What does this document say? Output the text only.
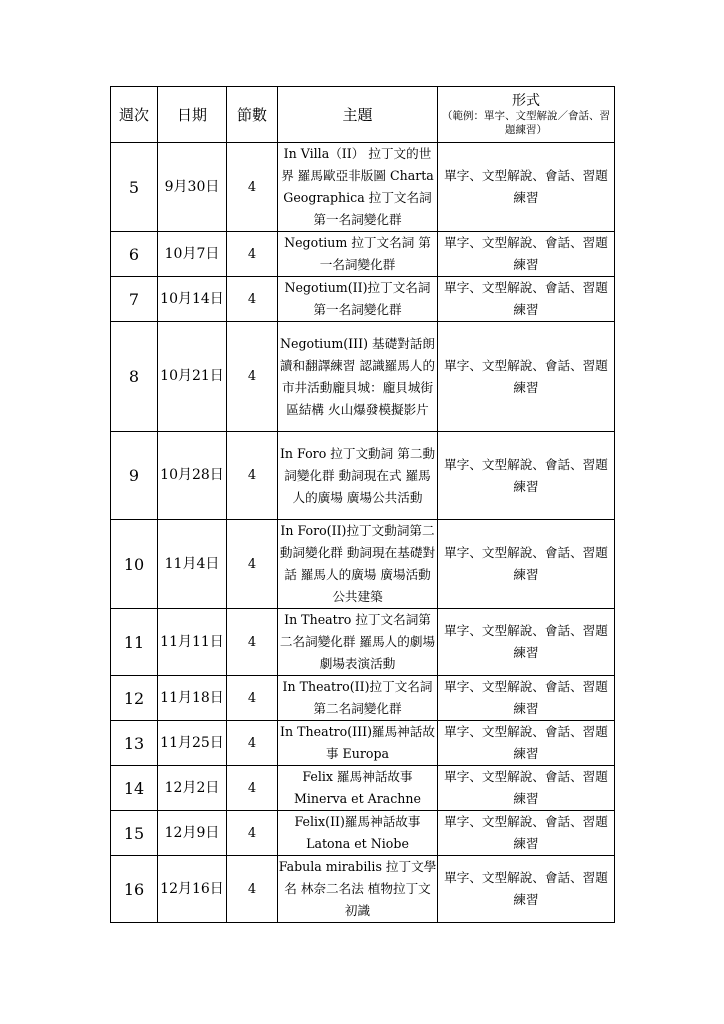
週次	日期	節數	主題	形式
（範例：單字、文型解說／會話、習題練習）

5	9月30日	4	In Villa（II） 拉丁文的世界 羅馬歐亞非版圖 Charta Geographica 拉丁文名詞 第一名詞變化群	單字、文型解說、會話、習題練習
6	10月7日	4	Negotium 拉丁文名詞 第一名詞變化群	單字、文型解說、會話、習題練習
7	10月14日	4	Negotium(II)拉丁文名詞 第一名詞變化群	單字、文型解說、會話、習題練習
8	10月21日	4	Negotium(III) 基礎對話朗讀和翻譯練習 認識羅馬人的市井活動龐貝城：龐貝城街區結構 火山爆發模擬影片	單字、文型解說、會話、習題練習
9	10月28日	4	In Foro 拉丁文動詞 第二動詞變化群 動詞現在式 羅馬人的廣場 廣場公共活動	單字、文型解說、會話、習題練習
10	11月4日	4	In Foro(II)拉丁文動詞第二動詞變化群 動詞現在基礎對話 羅馬人的廣場 廣場活動 公共建築	單字、文型解說、會話、習題練習
11	11月11日	4	In Theatro 拉丁文名詞第二名詞變化群 羅馬人的劇場 劇場表演活動	單字、文型解說、會話、習題練習
12	11月18日	4	In Theatro(II)拉丁文名詞第二名詞變化群	單字、文型解說、會話、習題練習
13	11月25日	4	In Theatro(III)羅馬神話故事 Europa	單字、文型解說、會話、習題練習
14	12月2日	4	Felix 羅馬神話故事 Minerva et Arachne	單字、文型解說、會話、習題練習
15	12月9日	4	Felix(II)羅馬神話故事 Latona et Niobe	單字、文型解說、會話、習題練習
16	12月16日	4	Fabula mirabilis 拉丁文學名 林奈二名法 植物拉丁文初識	單字、文型解說、會話、習題練習
